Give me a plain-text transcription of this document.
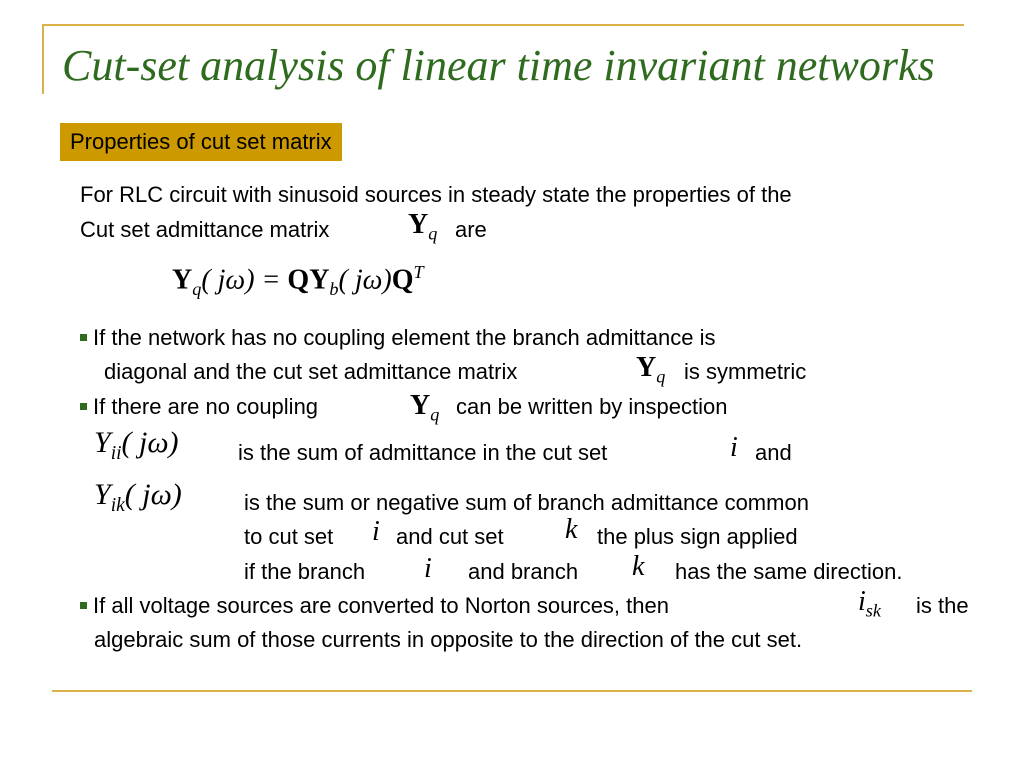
Cut-set analysis of linear time invariant networks
Properties of cut set matrix
For RLC circuit with sinusoid sources in steady state the properties of the
Cut set admittance matrix	$Y_q$ are
$Y_q$( $j\omega) = QY_b$( $j\omega)Q^T$
If the network has no coupling element the branch admittance is
diagonal and the cut set admittance matrix	$Y_q$ is symmetric
If there are no coupling	$Y_q$ can be written by inspection
$Y_{ii}$( jω)	is the sum of admittance in the cut set	i and
$Y_{ik}$( jω)	is the sum or negative sum of branch admittance common
to cut set i and cut set k the plus sign applied
if the branch i and branch k has the same direction.
If all voltage sources are converted to Norton sources, then	$i_{sk}$ is the
algebraic sum of those currents in opposite to the direction of the cut set.
